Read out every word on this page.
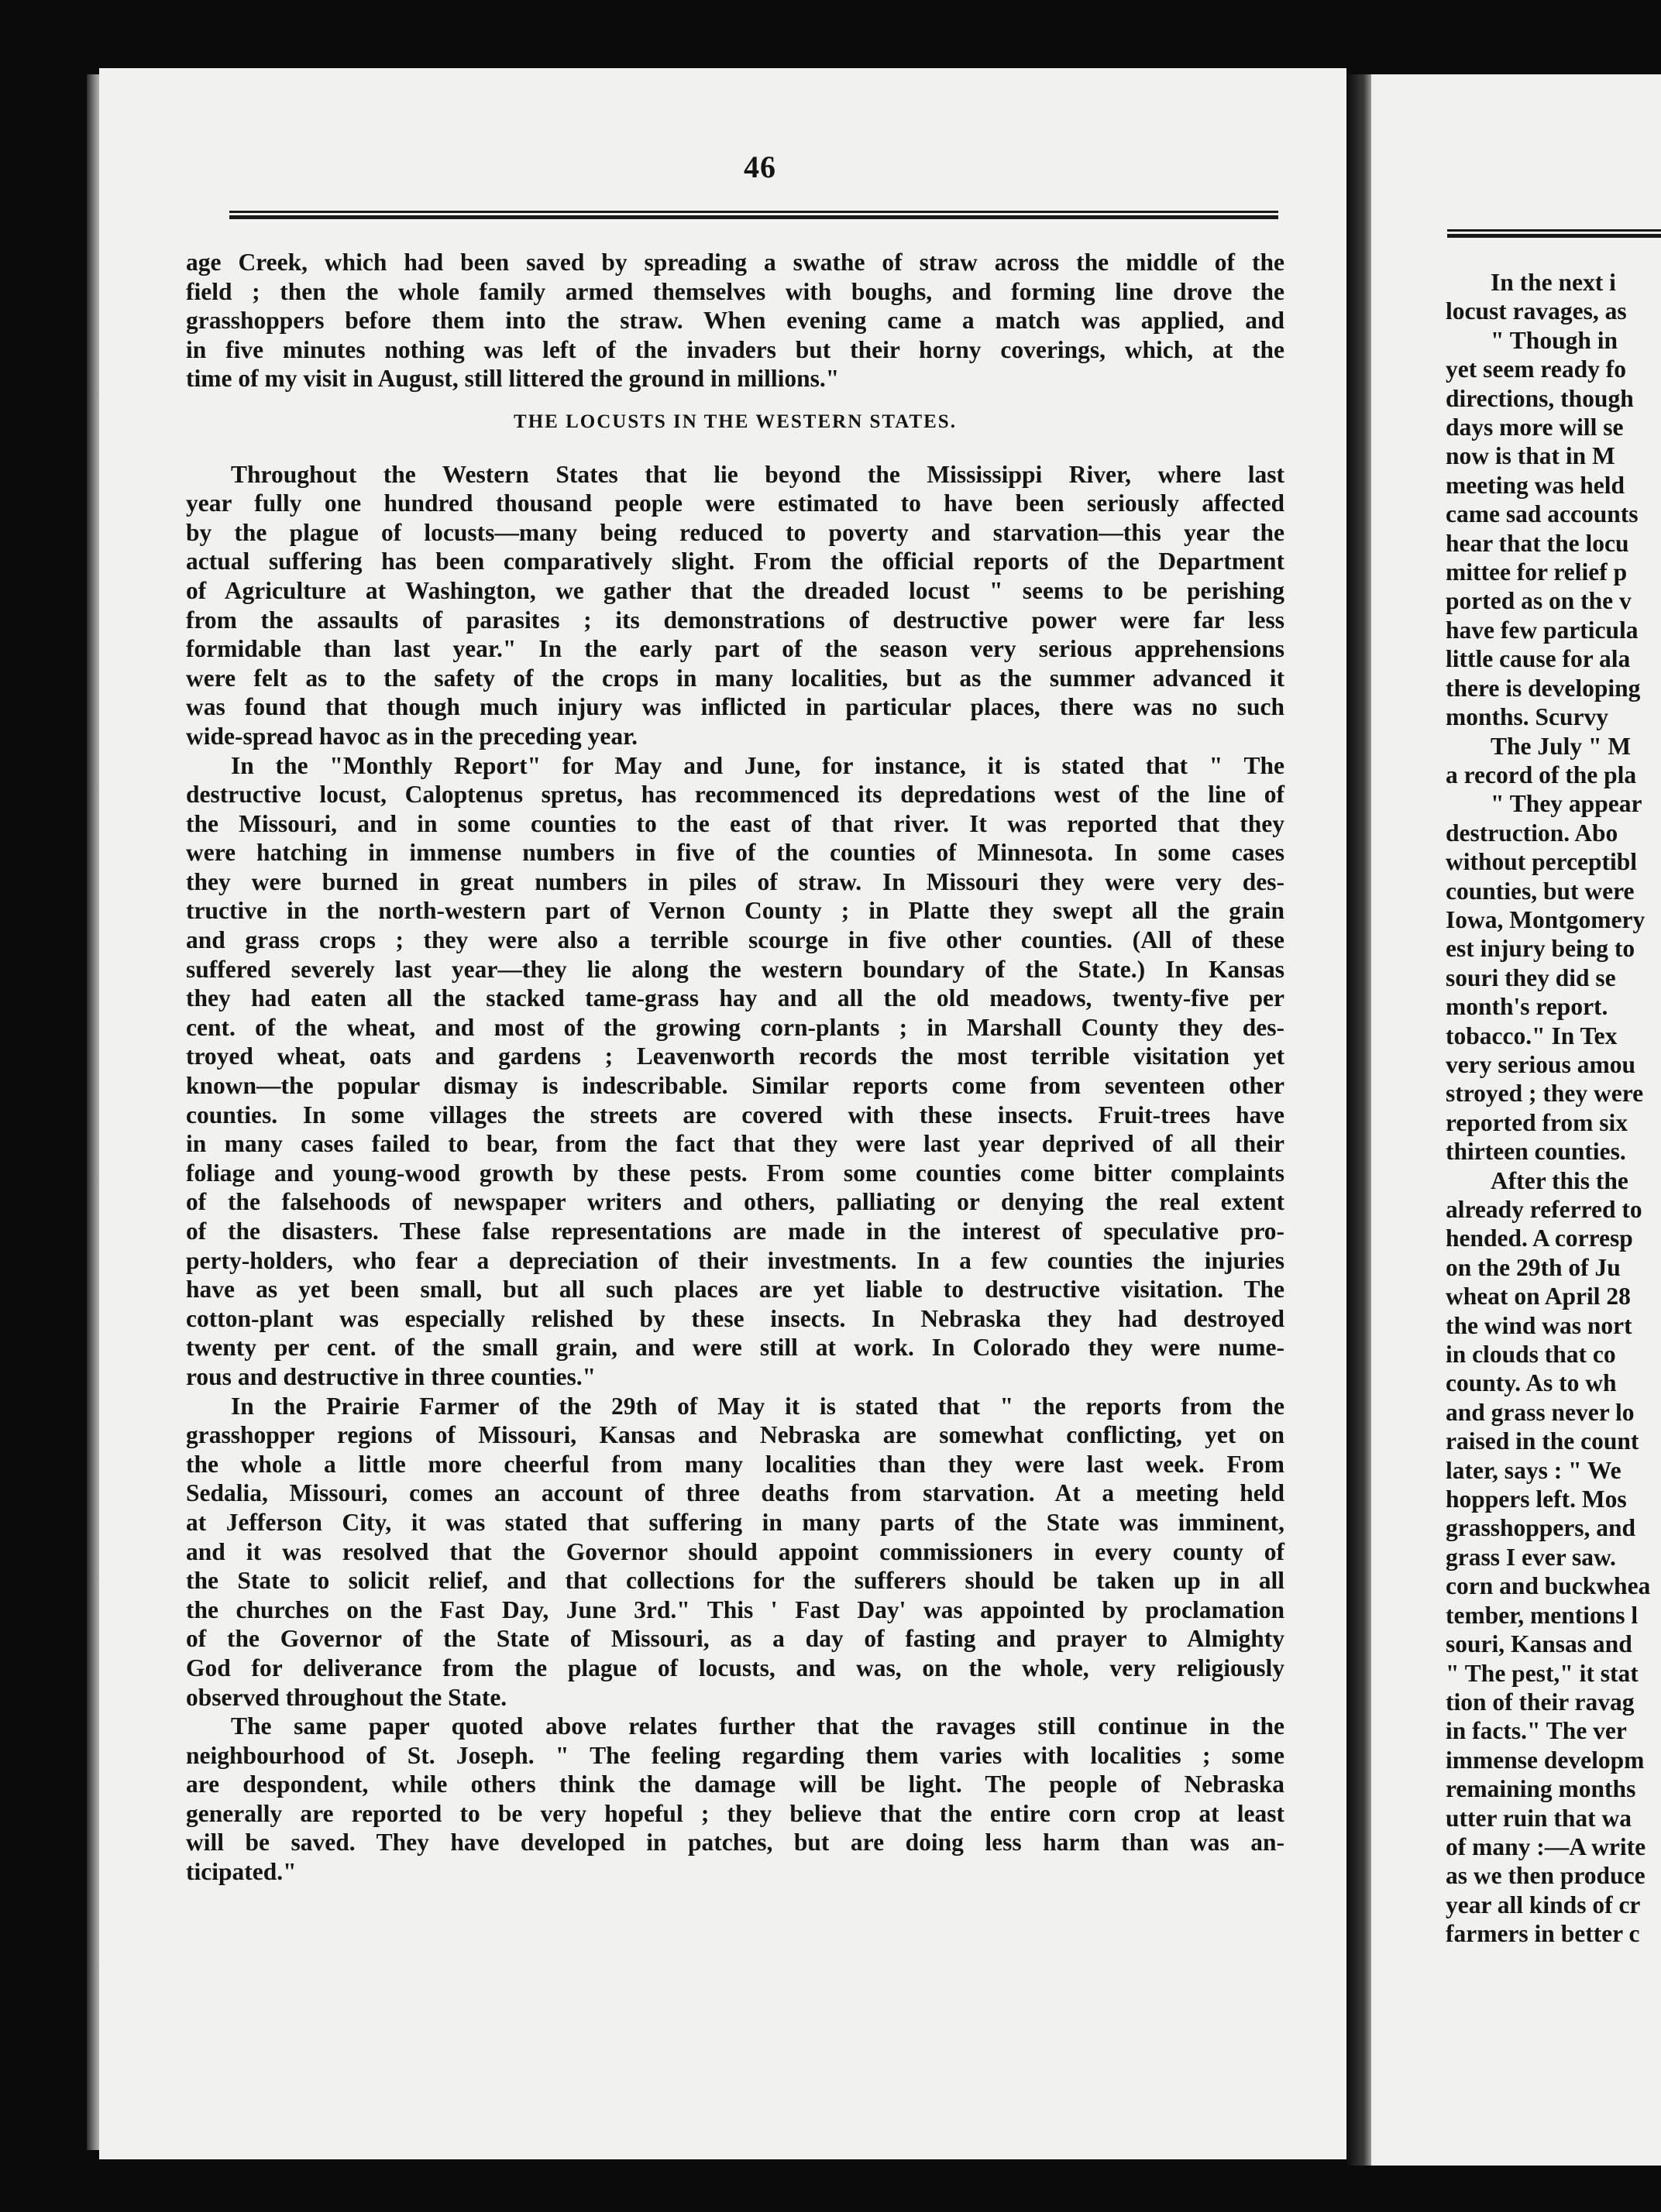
46
age Creek, which had been saved by spreading a swathe of straw across the middle of the
field ; then the whole family armed themselves with boughs, and forming line drove the
grasshoppers before them into the straw. When evening came a match was applied, and
in five minutes nothing was left of the invaders but their horny coverings, which, at the
time of my visit in August, still littered the ground in millions."
THE LOCUSTS IN THE WESTERN STATES.
Throughout the Western States that lie beyond the Mississippi River, where last
year fully one hundred thousand people were estimated to have been seriously affected
by the plague of locusts—many being reduced to poverty and starvation—this year the
actual suffering has been comparatively slight. From the official reports of the Department
of Agriculture at Washington, we gather that the dreaded locust " seems to be perishing
from the assaults of parasites ; its demonstrations of destructive power were far less
formidable than last year." In the early part of the season very serious apprehensions
were felt as to the safety of the crops in many localities, but as the summer advanced it
was found that though much injury was inflicted in particular places, there was no such
wide-spread havoc as in the preceding year.
In the "Monthly Report" for May and June, for instance, it is stated that " The
destructive locust, Caloptenus spretus, has recommenced its depredations west of the line of
the Missouri, and in some counties to the east of that river. It was reported that they
were hatching in immense numbers in five of the counties of Minnesota. In some cases
they were burned in great numbers in piles of straw. In Missouri they were very des-
tructive in the north-western part of Vernon County ; in Platte they swept all the grain
and grass crops ; they were also a terrible scourge in five other counties. (All of these
suffered severely last year—they lie along the western boundary of the State.) In Kansas
they had eaten all the stacked tame-grass hay and all the old meadows, twenty-five per
cent. of the wheat, and most of the growing corn-plants ; in Marshall County they des-
troyed wheat, oats and gardens ; Leavenworth records the most terrible visitation yet
known—the popular dismay is indescribable. Similar reports come from seventeen other
counties. In some villages the streets are covered with these insects. Fruit-trees have
in many cases failed to bear, from the fact that they were last year deprived of all their
foliage and young-wood growth by these pests. From some counties come bitter complaints
of the falsehoods of newspaper writers and others, palliating or denying the real extent
of the disasters. These false representations are made in the interest of speculative pro-
perty-holders, who fear a depreciation of their investments. In a few counties the injuries
have as yet been small, but all such places are yet liable to destructive visitation. The
cotton-plant was especially relished by these insects. In Nebraska they had destroyed
twenty per cent. of the small grain, and were still at work. In Colorado they were nume-
rous and destructive in three counties."
In the Prairie Farmer of the 29th of May it is stated that " the reports from the
grasshopper regions of Missouri, Kansas and Nebraska are somewhat conflicting, yet on
the whole a little more cheerful from many localities than they were last week. From
Sedalia, Missouri, comes an account of three deaths from starvation. At a meeting held
at Jefferson City, it was stated that suffering in many parts of the State was imminent,
and it was resolved that the Governor should appoint commissioners in every county of
the State to solicit relief, and that collections for the sufferers should be taken up in all
the churches on the Fast Day, June 3rd." This ' Fast Day' was appointed by proclamation
of the Governor of the State of Missouri, as a day of fasting and prayer to Almighty
God for deliverance from the plague of locusts, and was, on the whole, very religiously
observed throughout the State.
The same paper quoted above relates further that the ravages still continue in the
neighbourhood of St. Joseph. " The feeling regarding them varies with localities ; some
are despondent, while others think the damage will be light. The people of Nebraska
generally are reported to be very hopeful ; they believe that the entire corn crop at least
will be saved. They have developed in patches, but are doing less harm than was an-
ticipated."
In the next i
locust ravages, as
" Though in
yet seem ready fo
directions, though
days more will se
now is that in M
meeting was held
came sad accounts
hear that the locu
mittee for relief p
ported as on the v
have few particula
little cause for ala
there is developing
months. Scurvy
The July " M
a record of the pla
" They appear
destruction. Abo
without perceptibl
counties, but were
Iowa, Montgomery
est injury being to
souri they did se
month's report.
tobacco." In Tex
very serious amou
stroyed ; they were
reported from six
thirteen counties.
After this the
already referred to
hended. A corresp
on the 29th of Ju
wheat on April 28
the wind was nort
in clouds that co
county. As to wh
and grass never lo
raised in the count
later, says : " We
hoppers left. Mos
grasshoppers, and
grass I ever saw.
corn and buckwhea
tember, mentions l
souri, Kansas and
" The pest," it stat
tion of their ravag
in facts." The ver
immense developm
remaining months
utter ruin that wa
of many :—A write
as we then produce
year all kinds of cr
farmers in better c
